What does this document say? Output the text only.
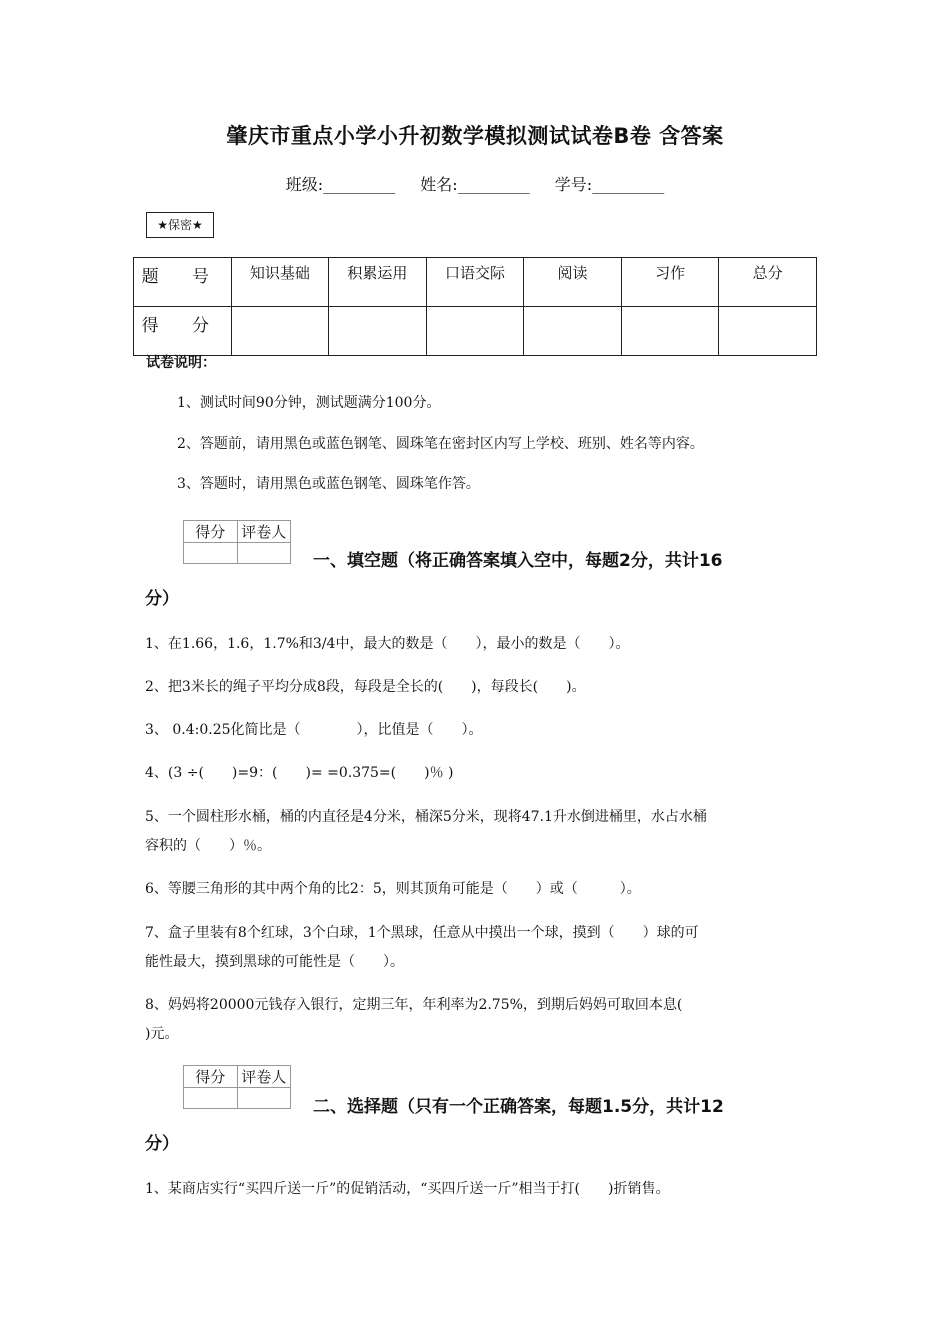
肇庆市重点小学小升初数学模拟测试试卷B卷 含答案
班级:_________ 姓名:_________ 学号:_________
★保密★
题 号	知识基础	积累运用	口语交际	阅读	习作	总分
得 分						
试卷说明：
1、测试时间90分钟，测试题满分100分。
2、答题前，请用黑色或蓝色钢笔、圆珠笔在密封区内写上学校、班别、姓名等内容。
3、答题时，请用黑色或蓝色钢笔、圆珠笔作答。
得分	评卷人

一、填空题（将正确答案填入空中，每题2分，共计16
分）
1、在1.66，1.6，1.7%和3/4中，最大的数是（　　），最小的数是（　　）。
2、把3米长的绳子平均分成8段，每段是全长的(　　)，每段长(　　)。
3、 0.4:0.25化简比是（　　　　），比值是（　　）。
4、(3 ÷(　　)=9：(　　)= =0.375=(　　)％ )
5、一个圆柱形水桶，桶的内直径是4分米，桶深5分米，现将47.1升水倒进桶里，水占水桶
容积的（　　）％。
6、等腰三角形的其中两个角的比2：5，则其顶角可能是（　　）或（　　　）。
7、盒子里装有8个红球，3个白球，1个黑球，任意从中摸出一个球，摸到（　　）球的可
能性最大，摸到黑球的可能性是（　　）。
8、妈妈将20000元钱存入银行，定期三年，年利率为2.75%，到期后妈妈可取回本息(
)元。
得分	评卷人

二、选择题（只有一个正确答案，每题1.5分，共计12
分）
1、某商店实行“买四斤送一斤”的促销活动，“买四斤送一斤”相当于打(　　)折销售。
